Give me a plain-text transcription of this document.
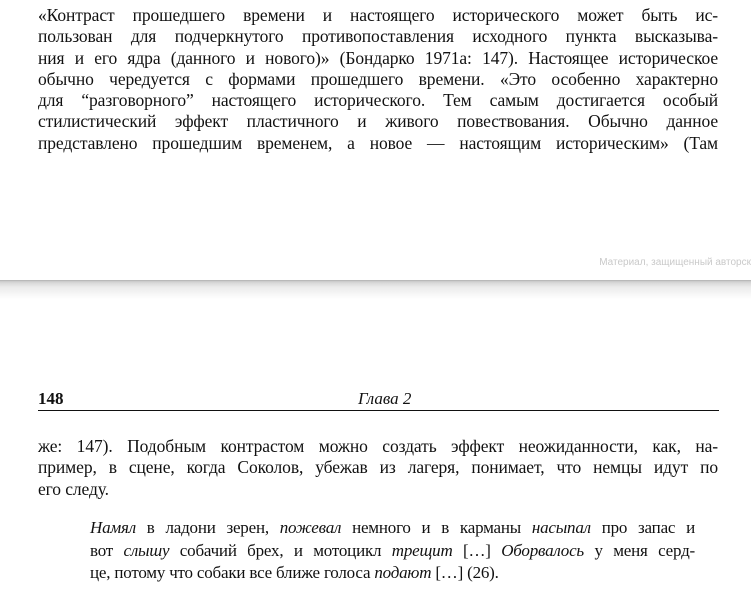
«Контраст прошедшего времени и настоящего исторического может быть ис-
пользован для подчеркнутого противопоставления исходного пункта высказыва-
ния и его ядра (данного и нового)» (Бондарко 1971а: 147). Настоящее историческое
обычно чередуется с формами прошедшего времени. «Это особенно характерно
для “разговорного” настоящего исторического. Тем самым достигается особый
стилистический эффект пластичного и живого повествования. Обычно данное
представлено прошедшим временем, а новое — настоящим историческим» (Там
Материал, защищенный авторск
148	Глава 2
же: 147). Подобным контрастом можно создать эффект неожиданности, как, на-
пример, в сцене, когда Соколов, убежав из лагеря, понимает, что немцы идут по
его следу.
Намял в ладони зерен, пожевал немного и в карманы насыпал про запас и
вот слышу собачий брех, и мотоцикл трещит […] Оборвалось у меня серд-
це, потому что собаки все ближе голоса подают […] (26).
